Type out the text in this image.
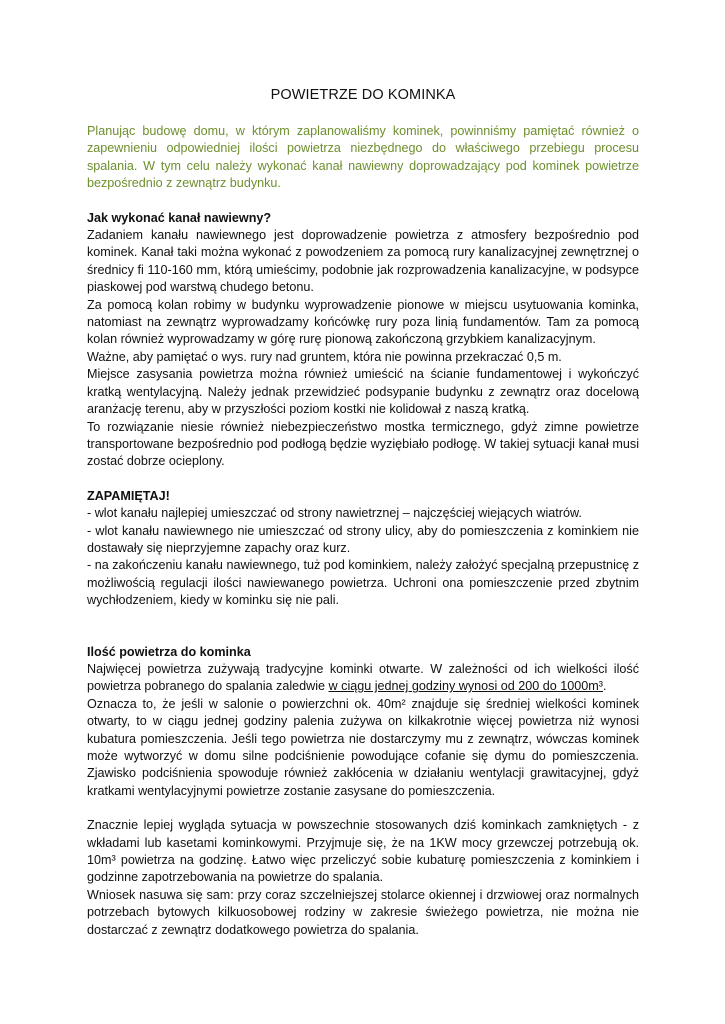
POWIETRZE DO KOMINKA

Planując budowę domu, w którym zaplanowaliśmy kominek, powinniśmy pamiętać również o zapewnieniu odpowiedniej ilości powietrza niezbędnego do właściwego przebiegu procesu spalania. W tym celu należy wykonać kanał nawiewny doprowadzający pod kominek powietrze bezpośrednio z zewnątrz budynku.

Jak wykonać kanał nawiewny?

Zadaniem kanału nawiewnego jest doprowadzenie powietrza z atmosfery bezpośrednio pod kominek. Kanał taki można wykonać z powodzeniem za pomocą rury kanalizacyjnej zewnętrznej o średnicy fi 110-160 mm, którą umieścimy, podobnie jak rozprowadzenia kanalizacyjne, w podsypce piaskowej pod warstwą chudego betonu.

Za pomocą kolan robimy w budynku wyprowadzenie pionowe w miejscu usytuowania kominka, natomiast na zewnątrz wyprowadzamy końcówkę rury poza linią fundamentów. Tam za pomocą kolan również wyprowadzamy w górę rurę pionową zakończoną grzybkiem kanalizacyjnym.

Ważne, aby pamiętać o wys. rury nad gruntem, która nie powinna przekraczać 0,5 m.

Miejsce zasysania powietrza można również umieścić na ścianie fundamentowej i wykończyć kratką wentylacyjną. Należy jednak przewidzieć podsypanie budynku z zewnątrz oraz docelową aranżację terenu, aby w przyszłości poziom kostki nie kolidował z naszą kratką.

To rozwiązanie niesie również niebezpieczeństwo mostka termicznego, gdyż zimne powietrze transportowane bezpośrednio pod podłogą będzie wyziębiało podłogę. W takiej sytuacji kanał musi zostać dobrze ocieplony.

ZAPAMIĘTAJ!

- wlot kanału najlepiej umieszczać od strony nawietrznej – najczęściej wiejących wiatrów.

- wlot kanału nawiewnego nie umieszczać od strony ulicy, aby do pomieszczenia z kominkiem nie dostawały się nieprzyjemne zapachy oraz kurz.

- na zakończeniu kanału nawiewnego, tuż pod kominkiem, należy założyć specjalną przepustnicę z możliwością regulacji ilości nawiewanego powietrza. Uchroni ona pomieszczenie przed zbytnim wychłodzeniem, kiedy w kominku się nie pali.

Ilość powietrza do kominka

Najwięcej powietrza zużywają tradycyjne kominki otwarte. W zależności od ich wielkości ilość powietrza pobranego do spalania zaledwie w ciągu jednej godziny wynosi od 200 do 1000m³.

Oznacza to, że jeśli w salonie o powierzchni ok. 40m² znajduje się średniej wielkości kominek otwarty, to w ciągu jednej godziny palenia zużywa on kilkakrotnie więcej powietrza niż wynosi kubatura pomieszczenia. Jeśli tego powietrza nie dostarczymy mu z zewnątrz, wówczas kominek może wytworzyć w domu silne podciśnienie powodujące cofanie się dymu do pomieszczenia. Zjawisko podciśnienia spowoduje również zakłócenia w działaniu wentylacji grawitacyjnej, gdyż kratkami wentylacyjnymi powietrze zostanie zasysane do pomieszczenia.

Znacznie lepiej wygląda sytuacja w powszechnie stosowanych dziś kominkach zamkniętych - z wkładami lub kasetami kominkowymi. Przyjmuje się, że na 1KW mocy grzewczej potrzebują ok. 10m³ powietrza na godzinę. Łatwo więc przeliczyć sobie kubaturę pomieszczenia z kominkiem i godzinne zapotrzebowania na powietrze do spalania.

Wniosek nasuwa się sam: przy coraz szczelniejszej stolarce okiennej i drzwiowej oraz normalnych potrzebach bytowych kilkuosobowej rodziny w zakresie świeżego powietrza, nie można nie dostarczać z zewnątrz dodatkowego powietrza do spalania.
